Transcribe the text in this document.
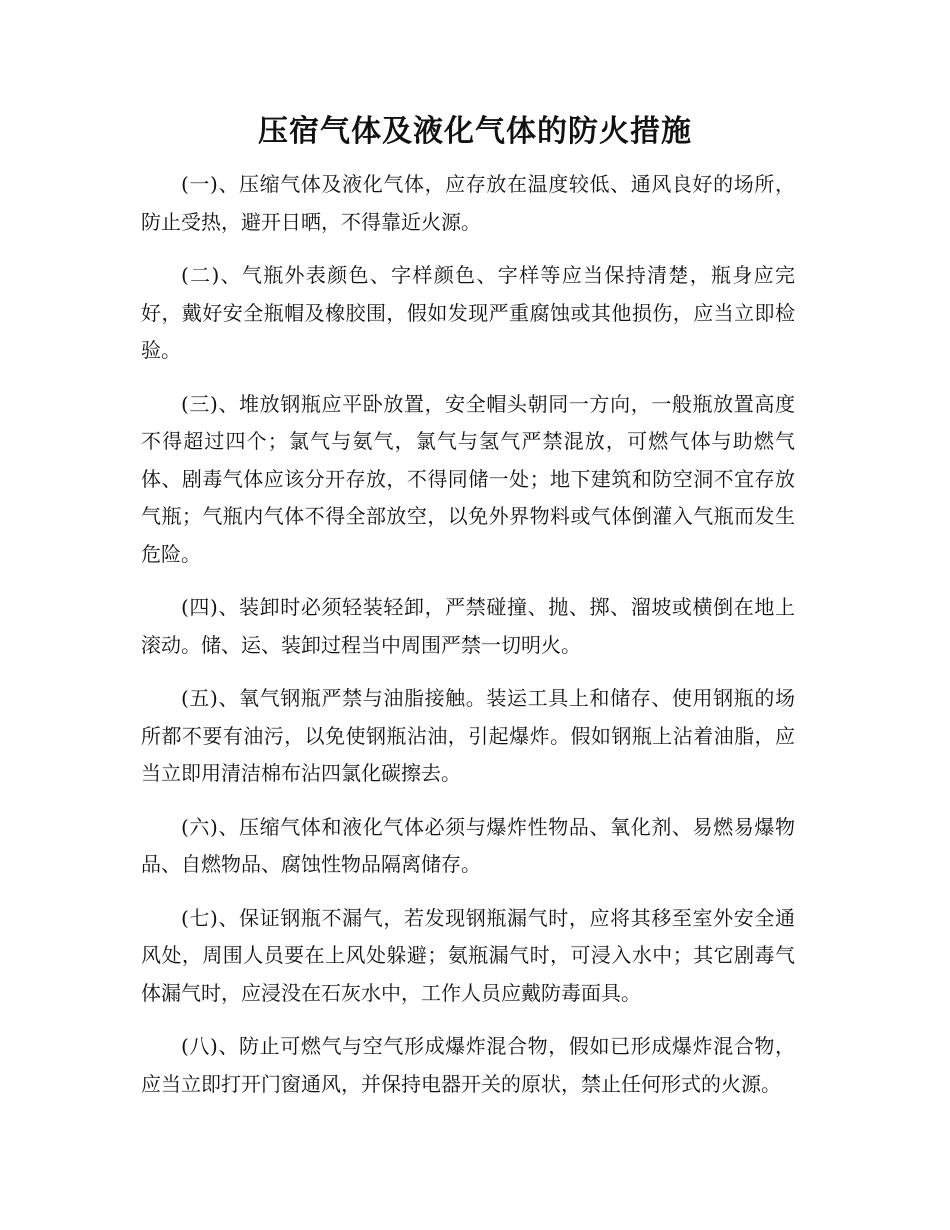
压宿气体及液化气体的防火措施

(一)、压缩气体及液化气体，应存放在温度较低、通风良好的场所，防止受热，避开日晒，不得靠近火源。

(二)、气瓶外表颜色、字样颜色、字样等应当保持清楚，瓶身应完好，戴好安全瓶帽及橡胶围，假如发现严重腐蚀或其他损伤，应当立即检验。

(三)、堆放钢瓶应平卧放置，安全帽头朝同一方向，一般瓶放置高度不得超过四个；氯气与氨气，氯气与氢气严禁混放，可燃气体与助燃气体、剧毒气体应该分开存放，不得同储一处；地下建筑和防空洞不宜存放气瓶；气瓶内气体不得全部放空，以免外界物料或气体倒灌入气瓶而发生危险。

(四)、装卸时必须轻装轻卸，严禁碰撞、抛、掷、溜坡或横倒在地上滚动。储、运、装卸过程当中周围严禁一切明火。

(五)、氧气钢瓶严禁与油脂接触。装运工具上和储存、使用钢瓶的场所都不要有油污，以免使钢瓶沾油，引起爆炸。假如钢瓶上沾着油脂，应当立即用清洁棉布沾四氯化碳擦去。

(六)、压缩气体和液化气体必须与爆炸性物品、氧化剂、易燃易爆物品、自燃物品、腐蚀性物品隔离储存。

(七)、保证钢瓶不漏气，若发现钢瓶漏气时，应将其移至室外安全通风处，周围人员要在上风处躲避；氨瓶漏气时，可浸入水中；其它剧毒气体漏气时，应浸没在石灰水中，工作人员应戴防毒面具。

(八)、防止可燃气与空气形成爆炸混合物，假如已形成爆炸混合物，应当立即打开门窗通风，并保持电器开关的原状，禁止任何形式的火源。
